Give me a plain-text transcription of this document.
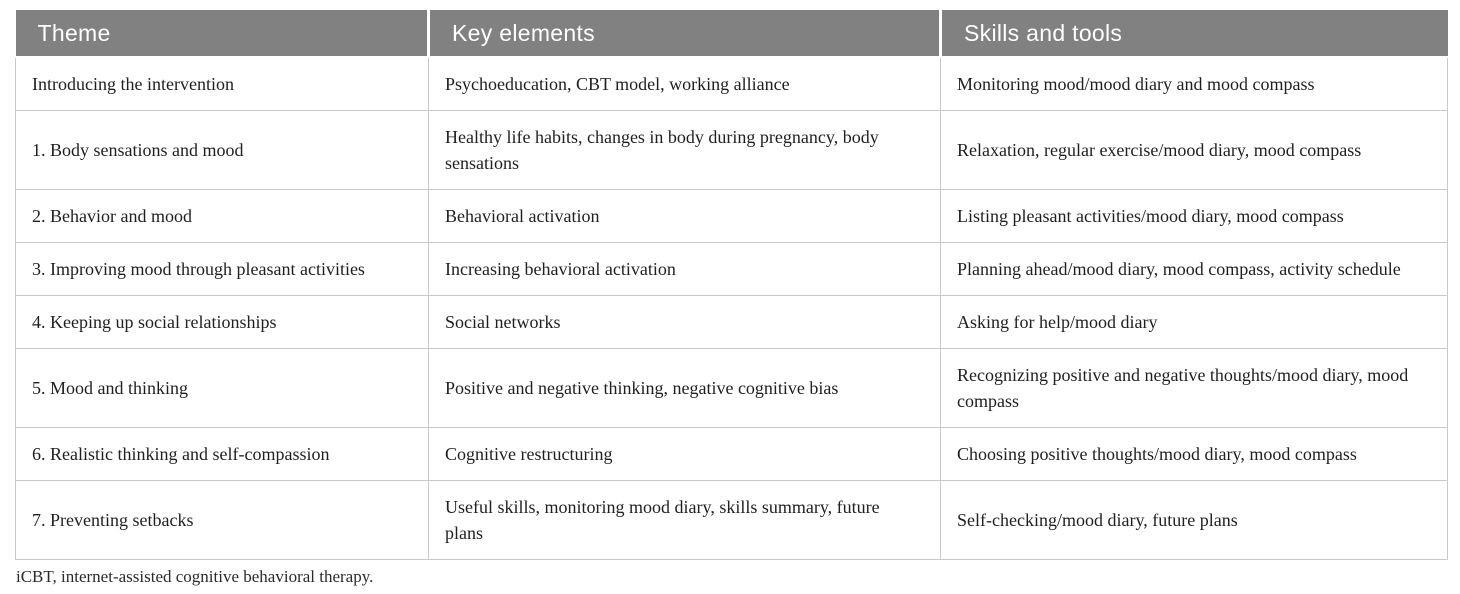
Theme	Key elements	Skills and tools
Introducing the intervention	Psychoeducation, CBT model, working alliance	Monitoring mood/mood diary and mood compass
1. Body sensations and mood	Healthy life habits, changes in body during pregnancy, body sensations	Relaxation, regular exercise/mood diary, mood compass
2. Behavior and mood	Behavioral activation	Listing pleasant activities/mood diary, mood compass
3. Improving mood through pleasant activities	Increasing behavioral activation	Planning ahead/mood diary, mood compass, activity schedule
4. Keeping up social relationships	Social networks	Asking for help/mood diary
5. Mood and thinking	Positive and negative thinking, negative cognitive bias	Recognizing positive and negative thoughts/mood diary, mood compass
6. Realistic thinking and self-compassion	Cognitive restructuring	Choosing positive thoughts/mood diary, mood compass
7. Preventing setbacks	Useful skills, monitoring mood diary, skills summary, future plans	Self-checking/mood diary, future plans
iCBT, internet-assisted cognitive behavioral therapy.
